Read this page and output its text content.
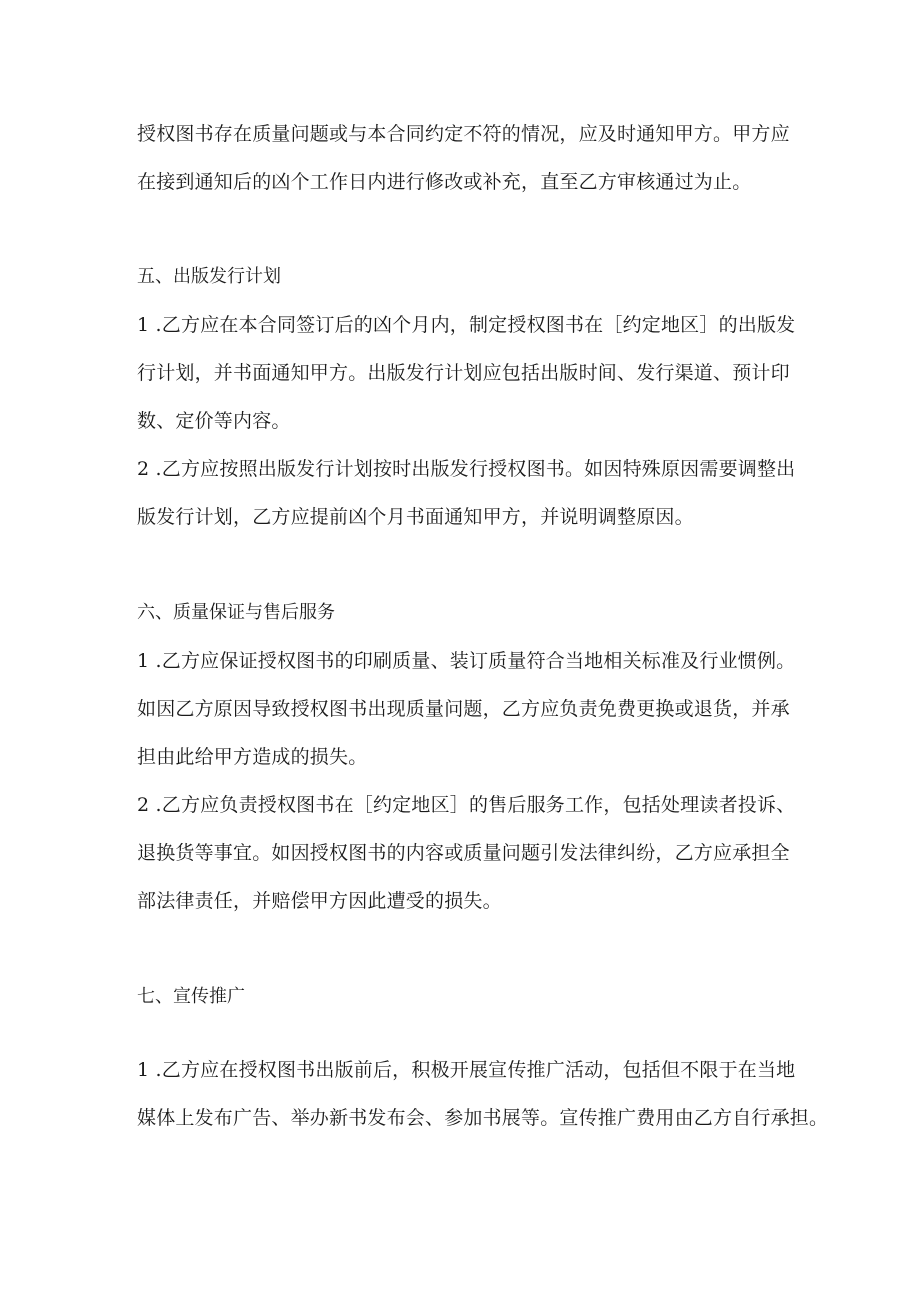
授权图书存在质量问题或与本合同约定不符的情况，应及时通知甲方。甲方应
在接到通知后的凶个工作日内进行修改或补充，直至乙方审核通过为止。
五、出版发行计划
1 .乙方应在本合同签订后的凶个月内，制定授权图书在［约定地区］的出版发
行计划，并书面通知甲方。出版发行计划应包括出版时间、发行渠道、预计印
数、定价等内容。
2 .乙方应按照出版发行计划按时出版发行授权图书。如因特殊原因需要调整出
版发行计划，乙方应提前凶个月书面通知甲方，并说明调整原因。
六、质量保证与售后服务
1 .乙方应保证授权图书的印刷质量、装订质量符合当地相关标准及行业惯例。
如因乙方原因导致授权图书出现质量问题，乙方应负责免费更换或退货，并承
担由此给甲方造成的损失。
2 .乙方应负责授权图书在［约定地区］的售后服务工作，包括处理读者投诉、
退换货等事宜。如因授权图书的内容或质量问题引发法律纠纷，乙方应承担全
部法律责任，并赔偿甲方因此遭受的损失。
七、宣传推广
1 .乙方应在授权图书出版前后，积极开展宣传推广活动，包括但不限于在当地
媒体上发布广告、举办新书发布会、参加书展等。宣传推广费用由乙方自行承担。
